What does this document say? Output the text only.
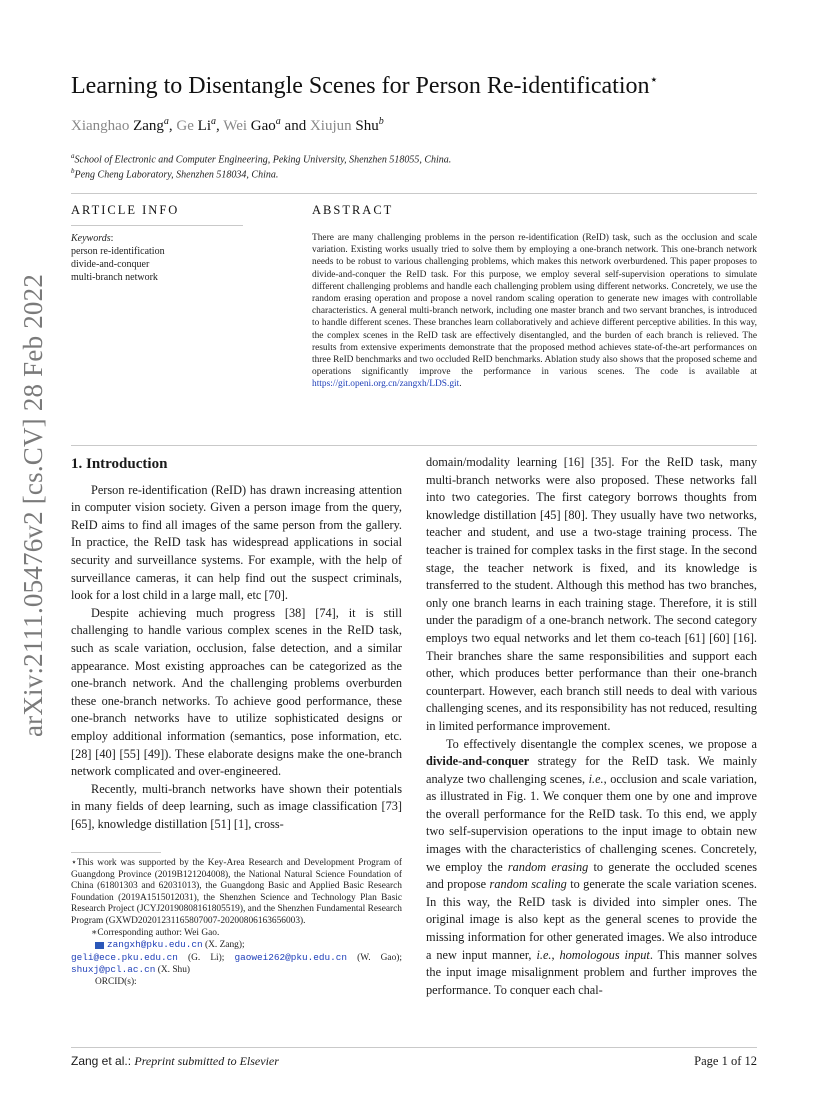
arXiv:2111.05476v2 [cs.CV] 28 Feb 2022
Learning to Disentangle Scenes for Person Re-identification⋆
Xianghao Zang$^a$, Ge Li$^a$, Wei Gao$^a$ and Xiujun Shu$^b$
$^a$School of Electronic and Computer Engineering, Peking University, Shenzhen 518055, China.
$^b$Peng Cheng Laboratory, Shenzhen 518034, China.
ARTICLE INFO
Keywords:
person re-identification
divide-and-conquer
multi-branch network
ABSTRACT
There are many challenging problems in the person re-identification (ReID) task, such as the occlusion and scale variation. Existing works usually tried to solve them by employing a one-branch network. This one-branch network needs to be robust to various challenging problems, which makes this network overburdened. This paper proposes to divide-and-conquer the ReID task. For this purpose, we employ several self-supervision operations to simulate different challenging problems and handle each challenging problem using different networks. Concretely, we use the random erasing operation and propose a novel random scaling operation to generate new images with controllable characteristics. A general multi-branch network, including one master branch and two servant branches, is introduced to handle different scenes. These branches learn collaboratively and achieve different perceptive abilities. In this way, the complex scenes in the ReID task are effectively disentangled, and the burden of each branch is relieved. The results from extensive experiments demonstrate that the proposed method achieves state-of-the-art performances on three ReID benchmarks and two occluded ReID benchmarks. Ablation study also shows that the proposed scheme and operations significantly improve the performance in various scenes. The code is available at https://git.openi.org.cn/zangxh/LDS.git.
1. Introduction

Person re-identification (ReID) has drawn increasing attention in computer vision society. Given a person image from the query, ReID aims to find all images of the same person from the gallery. In practice, the ReID task has widespread applications in social security and surveillance systems. For example, with the help of surveillance cameras, it can help find out the suspect criminals, look for a lost child in a large mall, etc [70].

Despite achieving much progress [38] [74], it is still challenging to handle various complex scenes in the ReID task, such as scale variation, occlusion, false detection, and a similar appearance. Most existing approaches can be categorized as the one-branch network. And the challenging problems overburden these one-branch networks. To achieve good performance, these one-branch networks have to utilize sophisticated designs or employ additional information (semantics, pose information, etc. [28] [40] [55] [49]). These elaborate designs make the one-branch network complicated and over-engineered.

Recently, multi-branch networks have shown their potentials in many fields of deep learning, such as image classification [73] [65], knowledge distillation [51] [1], cross-

⋆This work was supported by the Key-Area Research and Development Program of Guangdong Province (2019B121204008), the National Natural Science Foundation of China (61801303 and 62031013), the Guangdong Basic and Applied Basic Research Foundation (2019A1515012031), the Shenzhen Science and Technology Plan Basic Research Project (JCYJ20190808161805519), and the Shenzhen Fundamental Research Program (GXWD20201231165807007-20200806163656003).

∗Corresponding author: Wei Gao.

zangxh@pku.edu.cn (X. Zang);
geli@ece.pku.edu.cn (G. Li); gaowei262@pku.edu.cn (W. Gao); shuxj@pcl.ac.cn (X. Shu)

ORCID(s):

domain/modality learning [16] [35]. For the ReID task, many multi-branch networks were also proposed. These networks fall into two categories. The first category borrows thoughts from knowledge distillation [45] [80]. They usually have two networks, teacher and student, and use a two-stage training process. The teacher is trained for complex tasks in the first stage. In the second stage, the teacher network is fixed, and its knowledge is transferred to the student. Although this method has two branches, only one branch learns in each training stage. Therefore, it is still under the paradigm of a one-branch network. The second category employs two equal networks and let them co-teach [61] [60] [16]. Their branches share the same responsibilities and support each other, which produces better performance than their one-branch counterpart. However, each branch still needs to deal with various challenging scenes, and its responsibility has not reduced, resulting in limited performance improvement.

To effectively disentangle the complex scenes, we propose a divide-and-conquer strategy for the ReID task. We mainly analyze two challenging scenes, i.e., occlusion and scale variation, as illustrated in Fig. 1. We conquer them one by one and improve the overall performance for the ReID task. To this end, we apply two self-supervision operations to the input image to obtain new images with the characteristics of challenging scenes. Concretely, we employ the random erasing to generate the occluded scenes and propose random scaling to generate the scale variation scenes. In this way, the ReID task is divided into simpler ones. The original image is also kept as the general scenes to provide the missing information for other generated images. We also introduce a new input manner, i.e., homologous input. This manner solves the input image misalignment problem and further improves the performance. To conquer each chal-

Zang et al.: Preprint submitted to Elsevier	Page 1 of 12
